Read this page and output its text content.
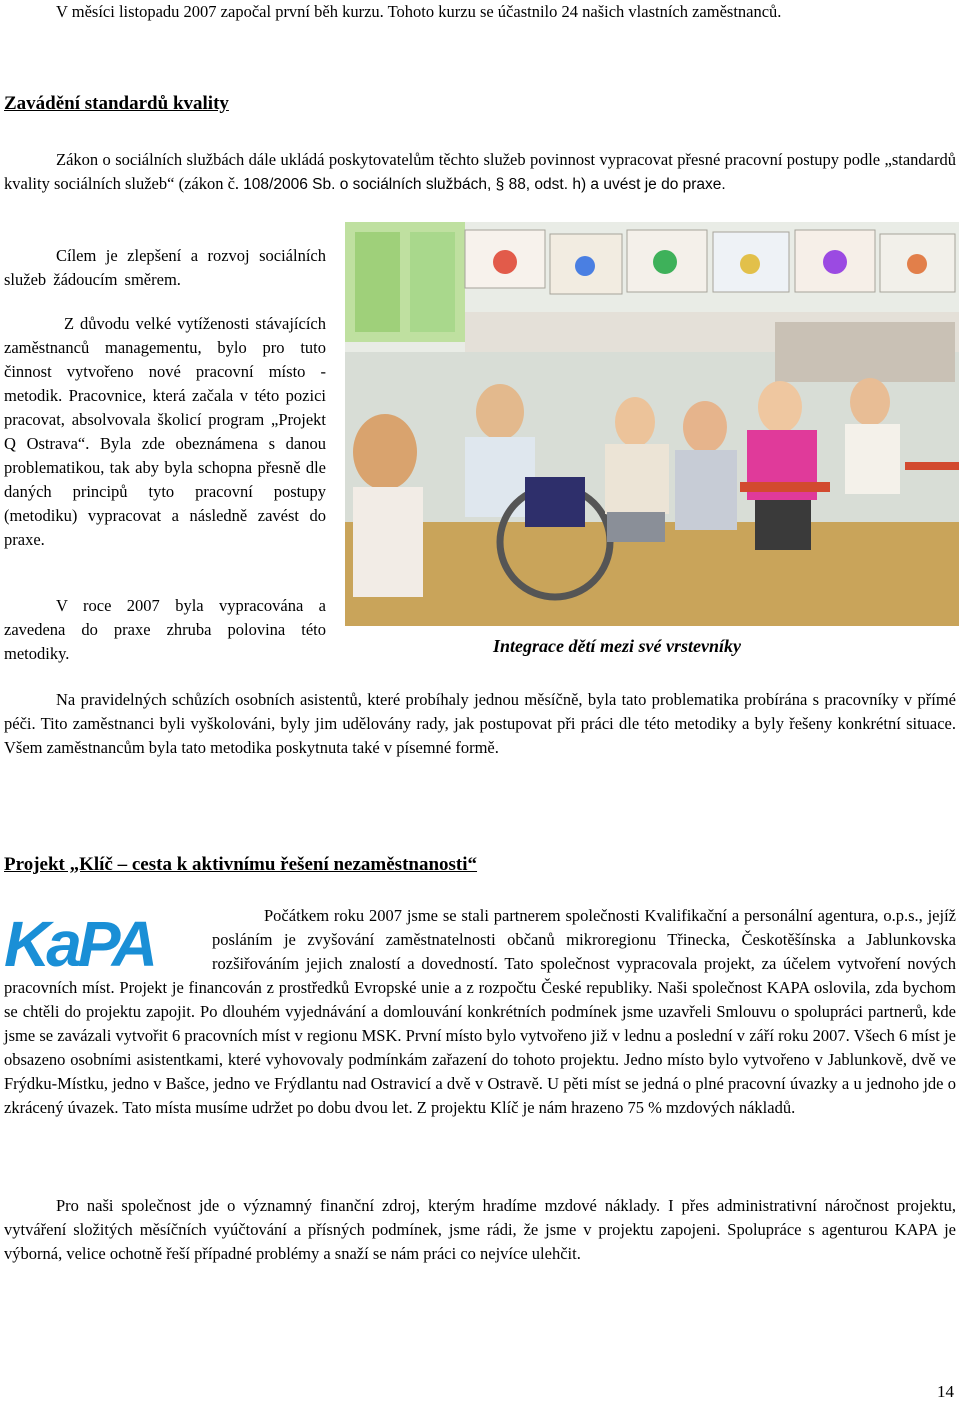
V měsíci listopadu 2007 započal první běh kurzu. Tohoto kurzu se účastnilo 24 našich vlastních zaměstnanců.

Zavádění standardů kvality

Zákon o sociálních službách dále ukládá poskytovatelům těchto služeb povinnost vypracovat přesné pracovní postupy podle „standardů kvality sociálních služeb“ (zákon č. 108/2006 Sb. o sociálních službách, § 88, odst. h) a uvést je do praxe.

Cílem je zlepšení a rozvoj sociálních služeb žádoucím směrem.

Z důvodu velké vytíženosti stávajících zaměstnanců managementu, bylo pro tuto činnost vytvořeno nové pracovní místo - metodik. Pracovnice, která začala v této pozici pracovat, absolvovala školicí program „Projekt Q Ostrava“. Byla zde obeznámena s danou problematikou, tak aby byla schopna přesně dle daných principů tyto pracovní postupy (metodiku) vypracovat a následně zavést do praxe.

V roce 2007 byla vypracována a zavedena do praxe zhruba polovina této metodiky.	Integrace dětí mezi své vrstevníky

Na pravidelných schůzích osobních asistentů, které probíhaly jednou měsíčně, byla tato problematika probírána s pracovníky v přímé péči. Tito zaměstnanci byli vyškolováni, byly jim udělovány rady, jak postupovat při práci dle této metodiky a byly řešeny konkrétní situace. Všem zaměstnancům byla tato metodika poskytnuta také v písemné formě.

Projekt „Klíč – cesta k aktivnímu řešení nezaměstnanosti“
KaPA	Počátkem roku 2007 jsme se stali partnerem společnosti Kvalifikační a personální agentura, o.p.s., jejíž posláním je zvyšování zaměstnatelnosti občanů mikroregionu Třinecka, Českotěšínska a Jablunkovska rozšiřováním jejich znalostí a dovedností. Tato společnost vypracovala projekt, za účelem vytvoření nových pracovních míst. Projekt je financován z prostředků Evropské unie a z rozpočtu České republiky. Naši společnost KAPA oslovila, zda bychom se chtěli do projektu zapojit. Po dlouhém vyjednávání a domlouvání konkrétních podmínek jsme uzavřeli Smlouvu o spolupráci partnerů, kde jsme se zavázali vytvořit 6 pracovních míst v regionu MSK. První místo bylo vytvořeno již v lednu a poslední v září roku 2007. Všech 6 míst je obsazeno osobními asistentkami, které vyhovovaly podmínkám zařazení do tohoto projektu. Jedno místo bylo vytvořeno v Jablunkově, dvě ve Frýdku-Místku, jedno v Bašce, jedno ve Frýdlantu nad Ostravicí a dvě v Ostravě. U pěti míst se jedná o plné pracovní úvazky a u jednoho jde o zkrácený úvazek. Tato místa musíme udržet po dobu dvou let. Z projektu Klíč je nám hrazeno 75 % mzdových nákladů.

Pro naši společnost jde o významný finanční zdroj, kterým hradíme mzdové náklady. I přes administrativní náročnost projektu, vytváření složitých měsíčních vyúčtování a přísných podmínek, jsme rádi, že jsme v projektu zapojeni. Spolupráce s agenturou KAPA je výborná, velice ochotně řeší případné problémy a snaží se nám práci co nejvíce ulehčit.

14
